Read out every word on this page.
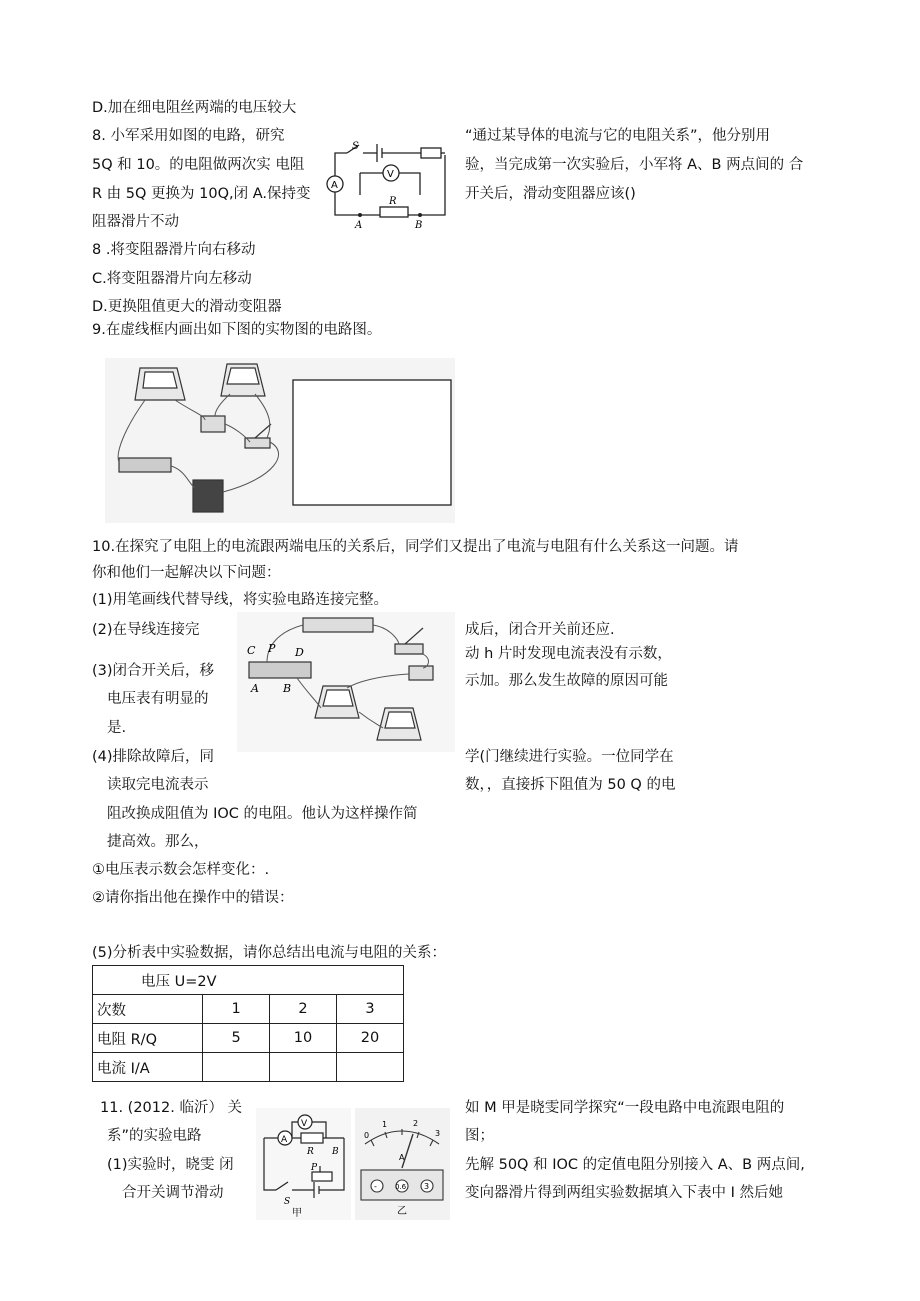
D.加在细电阻丝两端的电压较大
8. 小军采用如图的电路，研究
5Q 和 10。的电阻做两次实 电阻
R 由 5Q 更换为 10Q,闭 A.保持变
阻器滑片不动
“通过某导体的电流与它的电阻关系”，他分别用
验，当完成第一次实验后，小军将 A、B 两点间的 合
开关后，滑动变阻器应该()
S
V
A
R
A	B
8 .将变阻器滑片向右移动
C.将变阻器滑片向左移动
D.更换阻值更大的滑动变阻器
9.在虚线框内画出如下图的实物图的电路图。
10.在探究了电阻上的电流跟两端电压的关系后，同学们又提出了电流与电阻有什么关系这一问题。请
你和他们一起解决以下问题：
(1)用笔画线代替导线，将实验电路连接完整。
(2)在导线连接完	成后，闭合开关前还应.
(3)闭合开关后，移
动 h 片时发现电流表没有示数，
电压表有明显的
示加。那么发生故障的原因可能
是.
C P D
A B
(4)排除故障后，同	学(门继续进行实验。一位同学在
读取完电流表示	数，，直接拆下阻值为 50 Q 的电
阻改换成阻值为 IOC 的电阻。他认为这样操作简
捷高效。那么，
①电压表示数会怎样变化：.
②请你指出他在操作中的错误：
(5)分析表中实验数据，请你总结出电流与电阻的关系：
电压 U=2V			
次数	1	2	3
电阻 R/Q	5	10	20
电流 I/A			
11. (2012. 临沂） 关
系”的实验电路
(1)实验时，晓雯 闭
合开关调节滑动
如 M 甲是晓雯同学探究“一段电路中电流跟电阻的
图；
先解 50Q 和 IOC 的定值电阻分别接入 A、B 两点间,
变向器滑片得到两组实验数据填入下表中 I 然后她
V
A
R B
P
S
甲
0
1	2
3
A
-	0.6 3
乙
